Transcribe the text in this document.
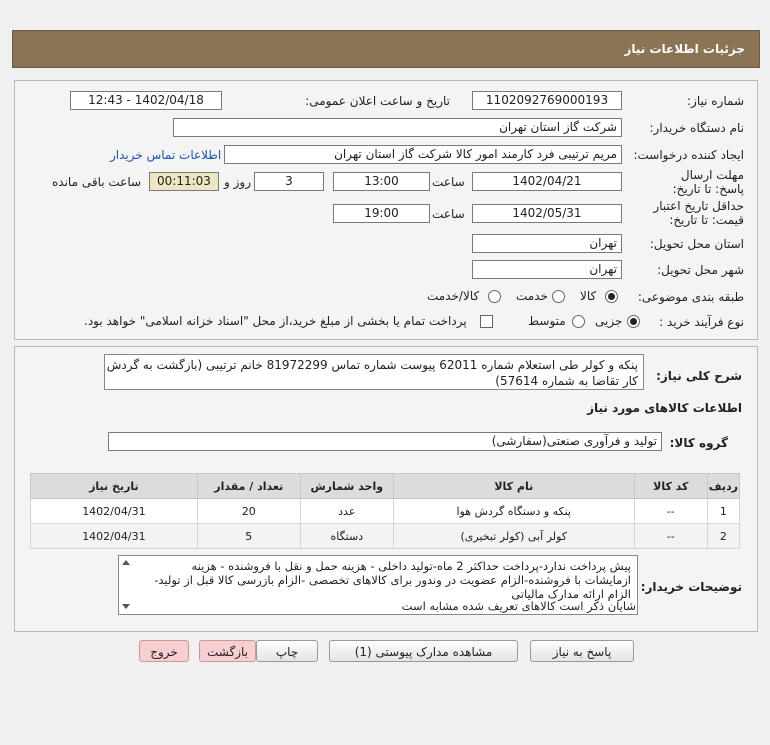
جزئیات اطلاعات نیاز
شماره نیاز:
1102092769000193
تاریخ و ساعت اعلان عمومی:
1402/04/18 - 12:43
نام دستگاه خریدار:
شرکت گاز استان تهران
ایجاد کننده درخواست:
مریم ترتیبی فرد کارمند امور کالا شرکت گاز استان تهران
اطلاعات تماس خریدار
مهلت ارسال پاسخ: تا تاریخ:
1402/04/21
ساعت
13:00
3
روز و
00:11:03
ساعت باقی مانده
حداقل تاریخ اعتبار قیمت: تا تاریخ:
1402/05/31
ساعت
19:00
استان محل تحویل:
تهران
شهر محل تحویل:
تهران
طبقه بندی موضوعی:
کالا
خدمت
کالا/خدمت
نوع فرآیند خرید :
جزیی
متوسط
پرداخت تمام یا بخشی از مبلغ خرید،از محل "اسناد خزانه اسلامی" خواهد بود.
شرح کلی نیاز:
پنکه و کولر طی استعلام شماره 62011 پیوست شماره تماس 81972299 خانم ترتیبی (بازگشت به گردش
کار تقاضا به شماره 57614)
اطلاعات کالاهای مورد نیاز
گروه کالا:
تولید و فرآوری صنعتی(سفارشی)
ردیف	کد کالا	نام کالا	واحد شمارش	تعداد / مقدار	تاریخ نیاز
1	--	پنکه و دستگاه گردش هوا	عدد	20	1402/04/31
2	--	کولر آبی (کولر تبخیری)	دستگاه	5	1402/04/31
توضیحات خریدار:
پیش پرداخت ندارد-پرداخت حداکثر 2 ماه-تولید داخلی - هزینه حمل و نقل با فروشنده - هزینه
ازمایشات با فروشنده-الزام عضویت در وندور برای کالاهای تخصصی -الزام بازرسی کالا قبل از تولید-
الزام ارائه مدارک مالیاتی
شایان ذکر است کالاهای تعریف شده مشابه است
پاسخ به نیاز
مشاهده مدارک پیوستی (1)
چاپ
بازگشت
خروج
